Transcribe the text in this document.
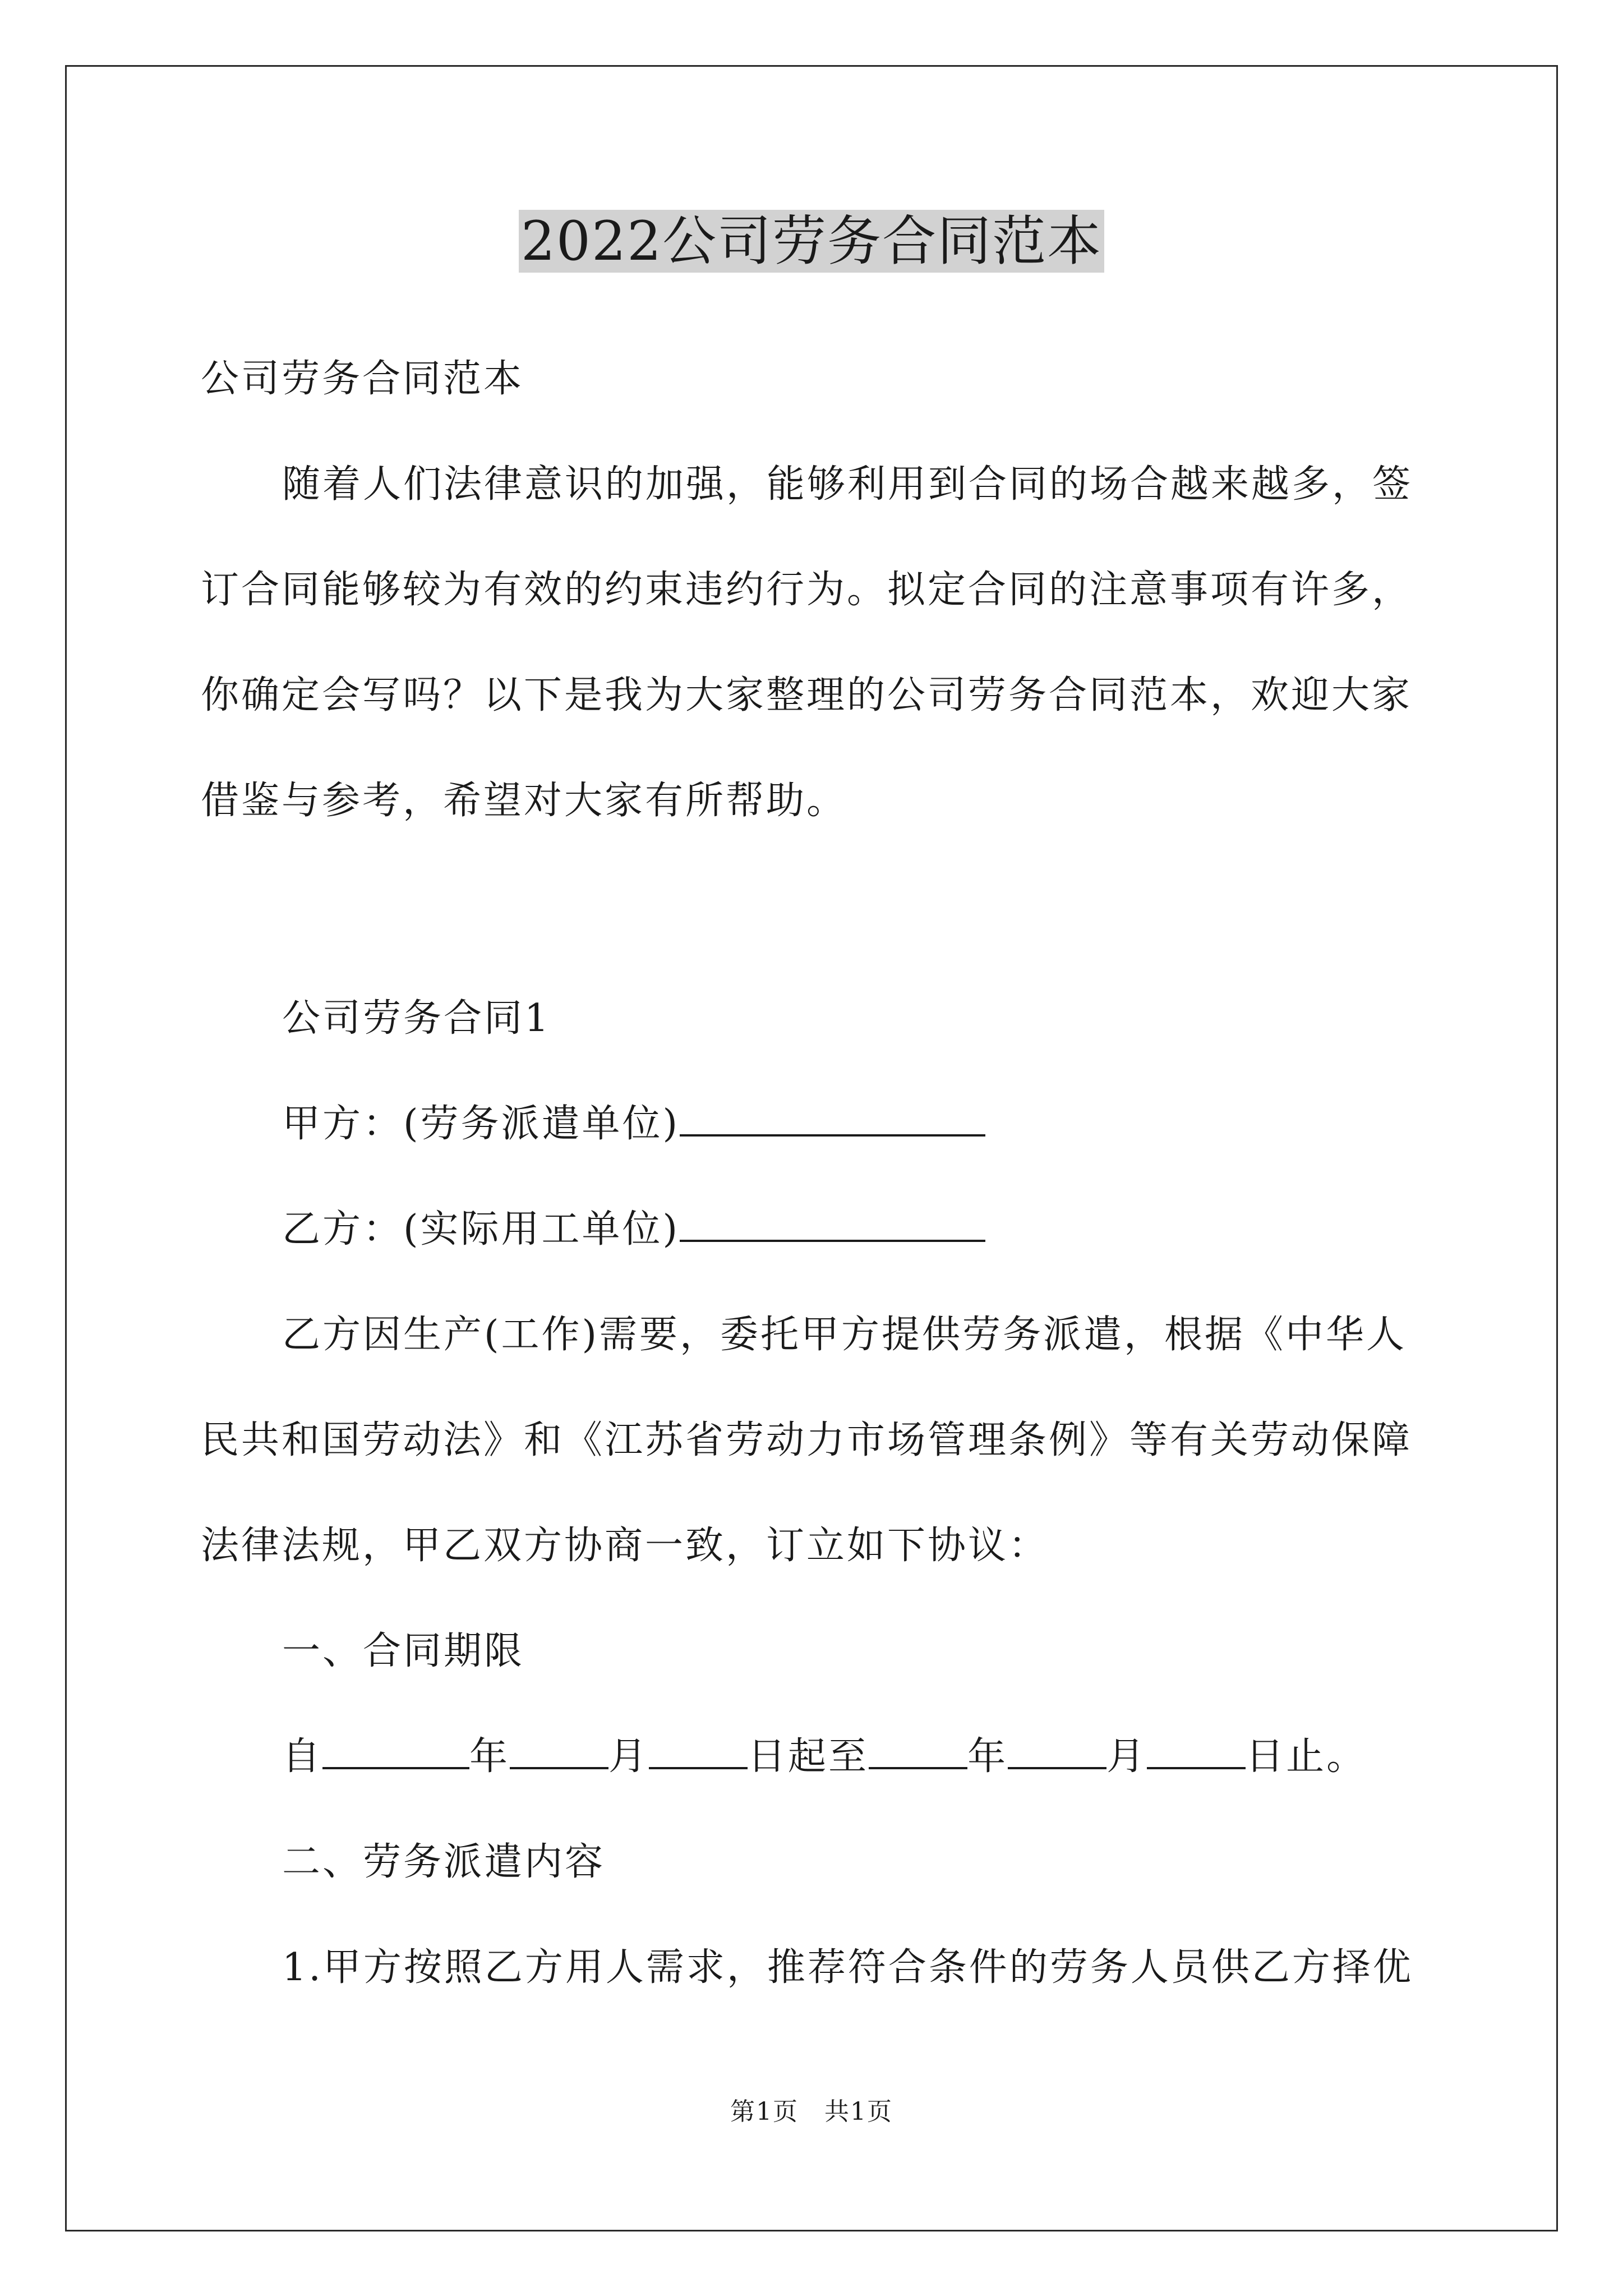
2022公司劳务合同范本
公司劳务合同范本
随着人们法律意识的加强，能够利用到合同的场合越来越多，签
订合同能够较为有效的约束违约行为。拟定合同的注意事项有许多，
你确定会写吗？以下是我为大家整理的公司劳务合同范本，欢迎大家
借鉴与参考，希望对大家有所帮助。
公司劳务合同1
甲方：(劳务派遣单位)
乙方：(实际用工单位)
乙方因生产(工作)需要，委托甲方提供劳务派遣，根据《中华人
民共和国劳动法》和《江苏省劳动力市场管理条例》等有关劳动保障
法律法规，甲乙双方协商一致，订立如下协议：
一、合同期限
自	年	月	日起至	年	月	日止。
二、劳务派遣内容
1.甲方按照乙方用人需求，推荐符合条件的劳务人员供乙方择优
第1页　共1页
